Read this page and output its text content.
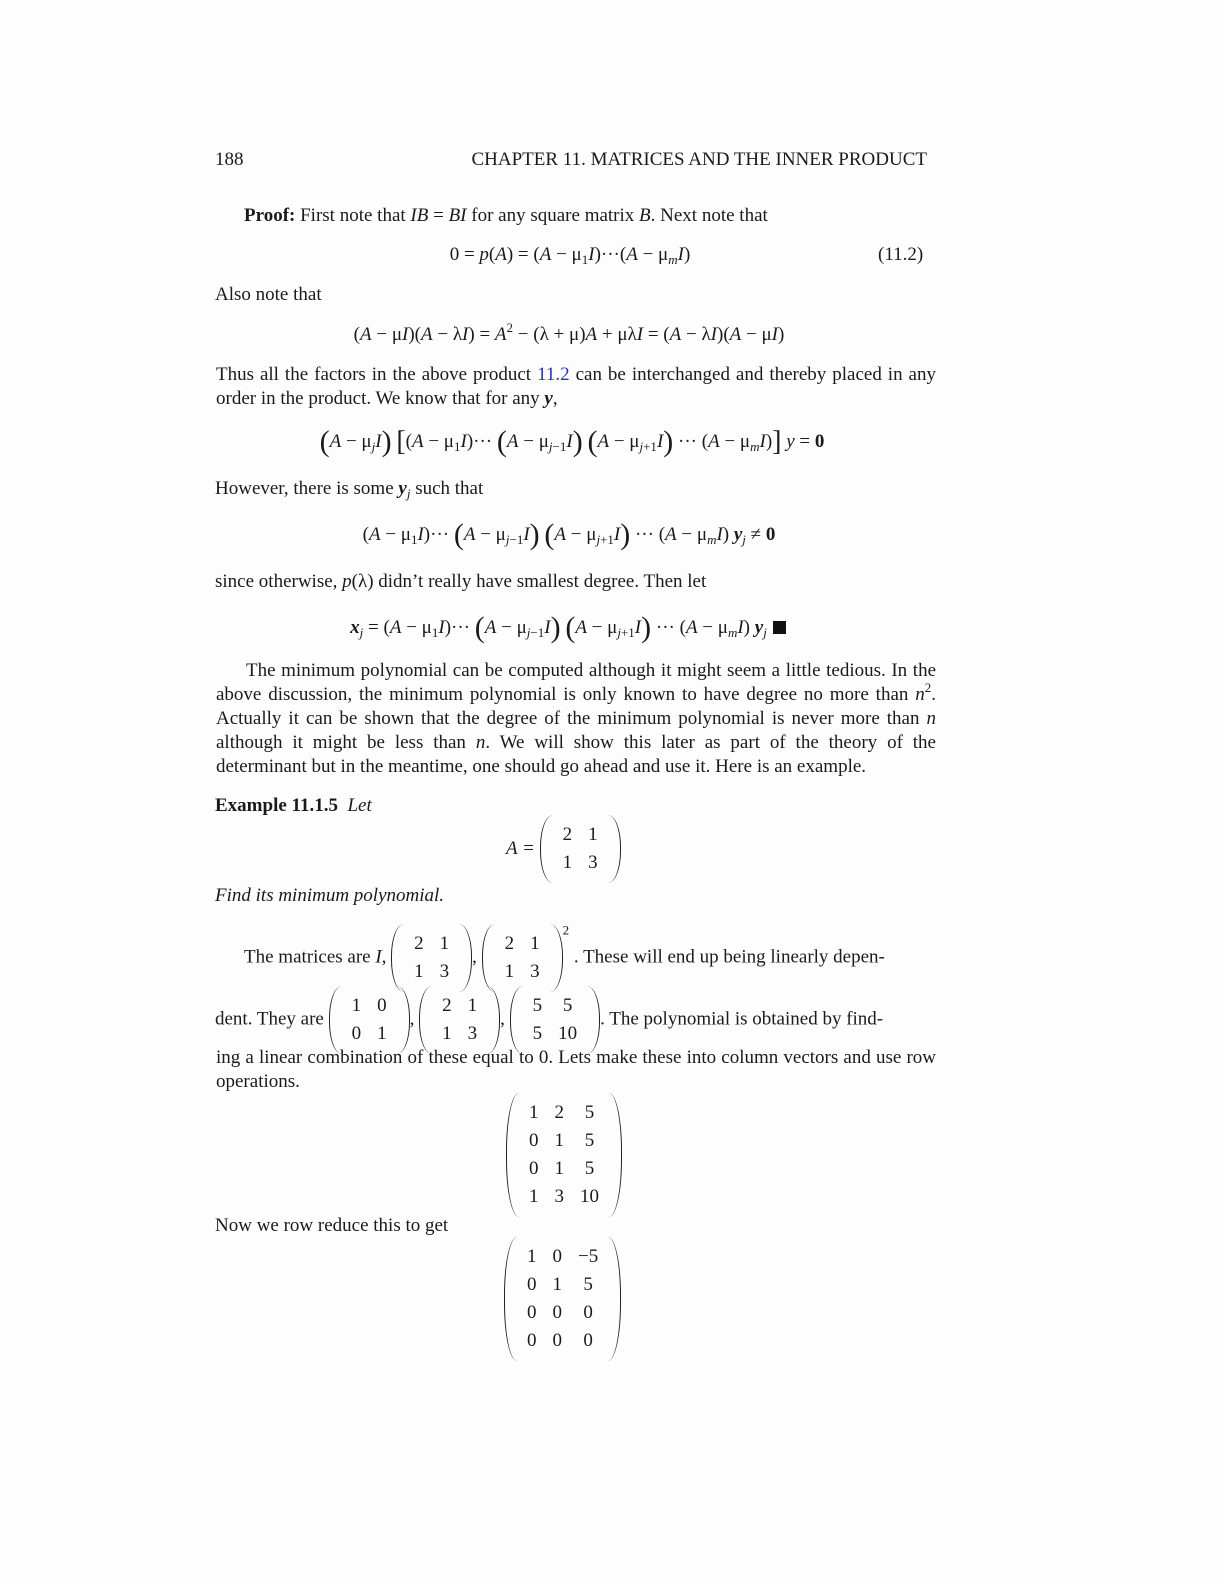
188	CHAPTER 11. MATRICES AND THE INNER PRODUCT
Proof: First note that IB = BI for any square matrix B. Next note that
$0 = p(A) = (A - \mu_1I)\cdot\cdot\cdot(A - \mu_mI)$	(11.2)
Also note that
$(A - \mu I)(A - \lambda I) = A^2 - (\lambda + \mu)A + \mu\lambda I = (A - \lambda I)(A - \mu I)$

Thus all the factors in the above product 11.2 can be interchanged and thereby placed in any order in the product. We know that for any y,

$(A - \mu_jI)$ [$(A - \mu_1I)\cdot\cdot\cdot (A - \mu_{j-1}I)$ $(A - \mu_{j+1}I)$ ··· $(A - \mu_mI)$] y = 0
However, there is some $y_j$ such that
$(A - \mu_1I)\cdot\cdot\cdot (A - \mu_{j-1}I)$ $(A - \mu_{j+1}I)$ ··· $(A - \mu_mI)$ $y_j \ne 0$
since otherwise, p(λ) didn’t really have smallest degree. Then let
$x_j = (A - \mu_1I)\cdot\cdot\cdot (A - \mu_{j-1}I) (A - \mu_{j+1}I)$ ··· $(A - \mu_mI)$ $y_j$

The minimum polynomial can be computed although it might seem a little tedious. In the above discussion, the minimum polynomial is only known to have degree no more than $n^2$. Actually it can be shown that the degree of the minimum polynomial is never more than n although it might be less than n. We will show this later as part of the theory of the determinant but in the meantime, one should go ahead and use it. Here is an example.

Example 11.1.5 Let
A =
2	1
1	3
Find its minimum polynomial.
The matrices are I,
2	1
1	3
,
2	1
1	3
$^2$ . These will end up being linearly depen-
dent. They are
1	0
0	1
,
2	1
1	3
,
5	5
5	10
. The polynomial is obtained by find-
ing a linear combination of these equal to 0. Lets make these into column vectors and use row operations.
1	2	5
0	1	5
0	1	5
1	3	10
Now we row reduce this to get
1	0	−5
0	1	5
0	0	0
0	0	0
